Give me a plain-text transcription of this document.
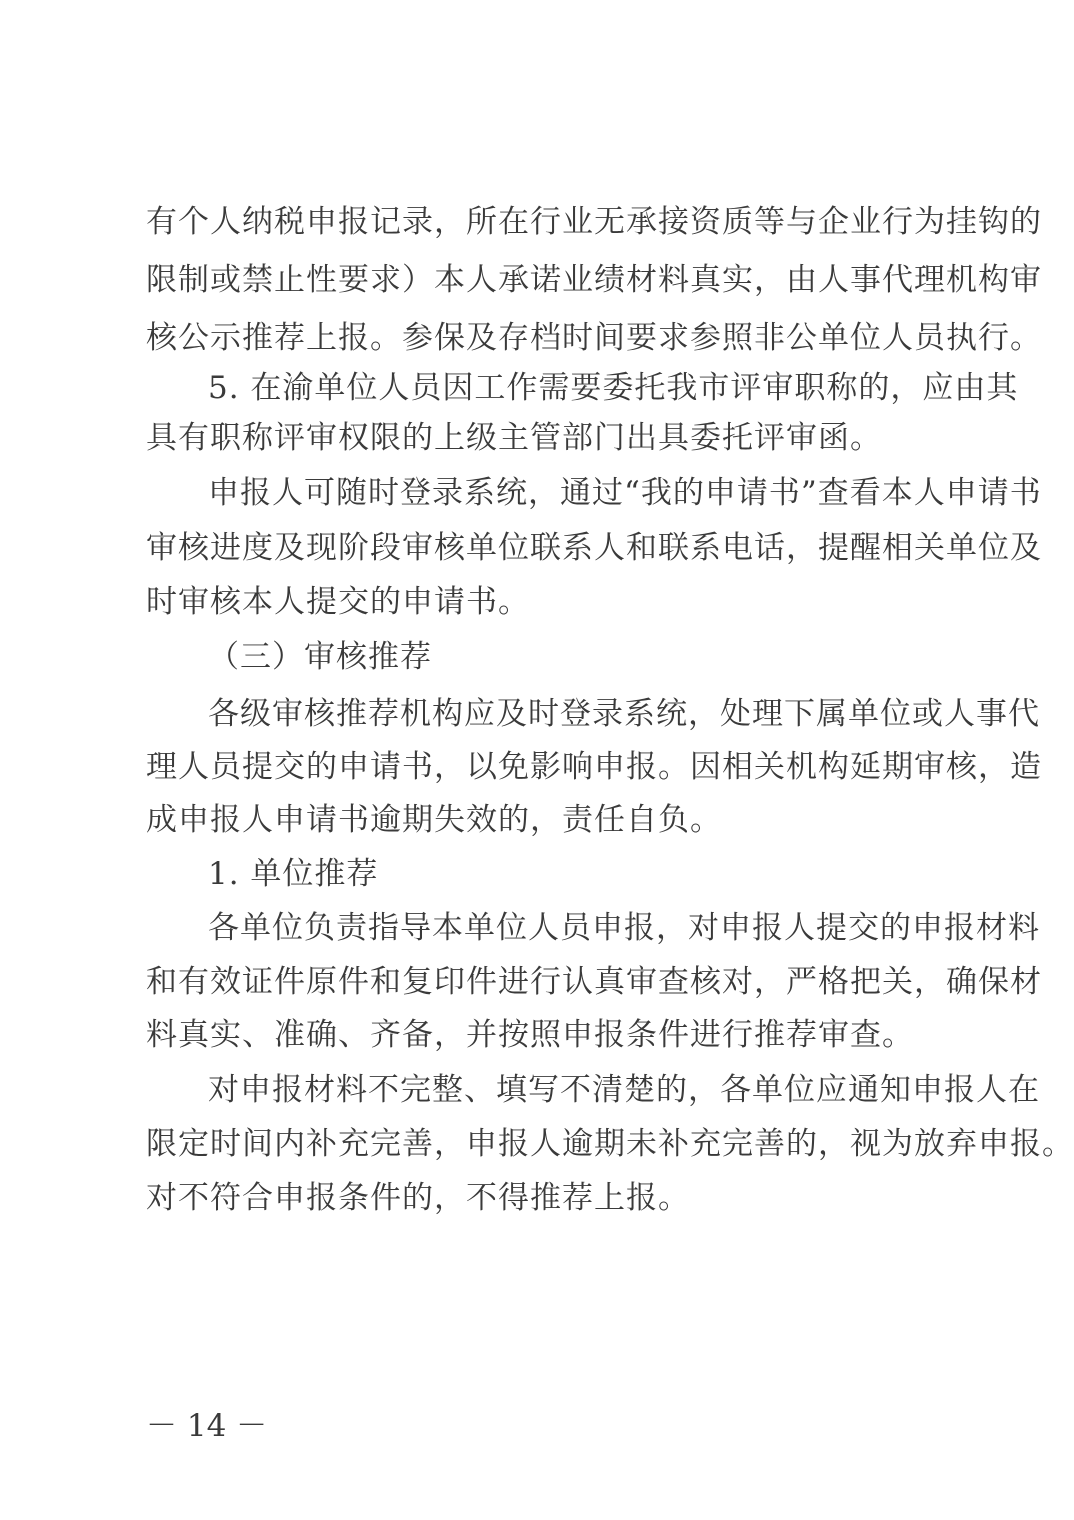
有个人纳税申报记录，所在行业无承接资质等与企业行为挂钩的
限制或禁止性要求）本人承诺业绩材料真实，由人事代理机构审
核公示推荐上报。参保及存档时间要求参照非公单位人员执行。
5. 在渝单位人员因工作需要委托我市评审职称的，应由其
具有职称评审权限的上级主管部门出具委托评审函。
申报人可随时登录系统，通过“我的申请书”查看本人申请书
审核进度及现阶段审核单位联系人和联系电话，提醒相关单位及
时审核本人提交的申请书。
（三）审核推荐
各级审核推荐机构应及时登录系统，处理下属单位或人事代
理人员提交的申请书，以免影响申报。因相关机构延期审核，造
成申报人申请书逾期失效的，责任自负。
1. 单位推荐
各单位负责指导本单位人员申报，对申报人提交的申报材料
和有效证件原件和复印件进行认真审查核对，严格把关，确保材
料真实、准确、齐备，并按照申报条件进行推荐审查。
对申报材料不完整、填写不清楚的，各单位应通知申报人在
限定时间内补充完善，申报人逾期未补充完善的，视为放弃申报。
对不符合申报条件的，不得推荐上报。
－ 14 －
